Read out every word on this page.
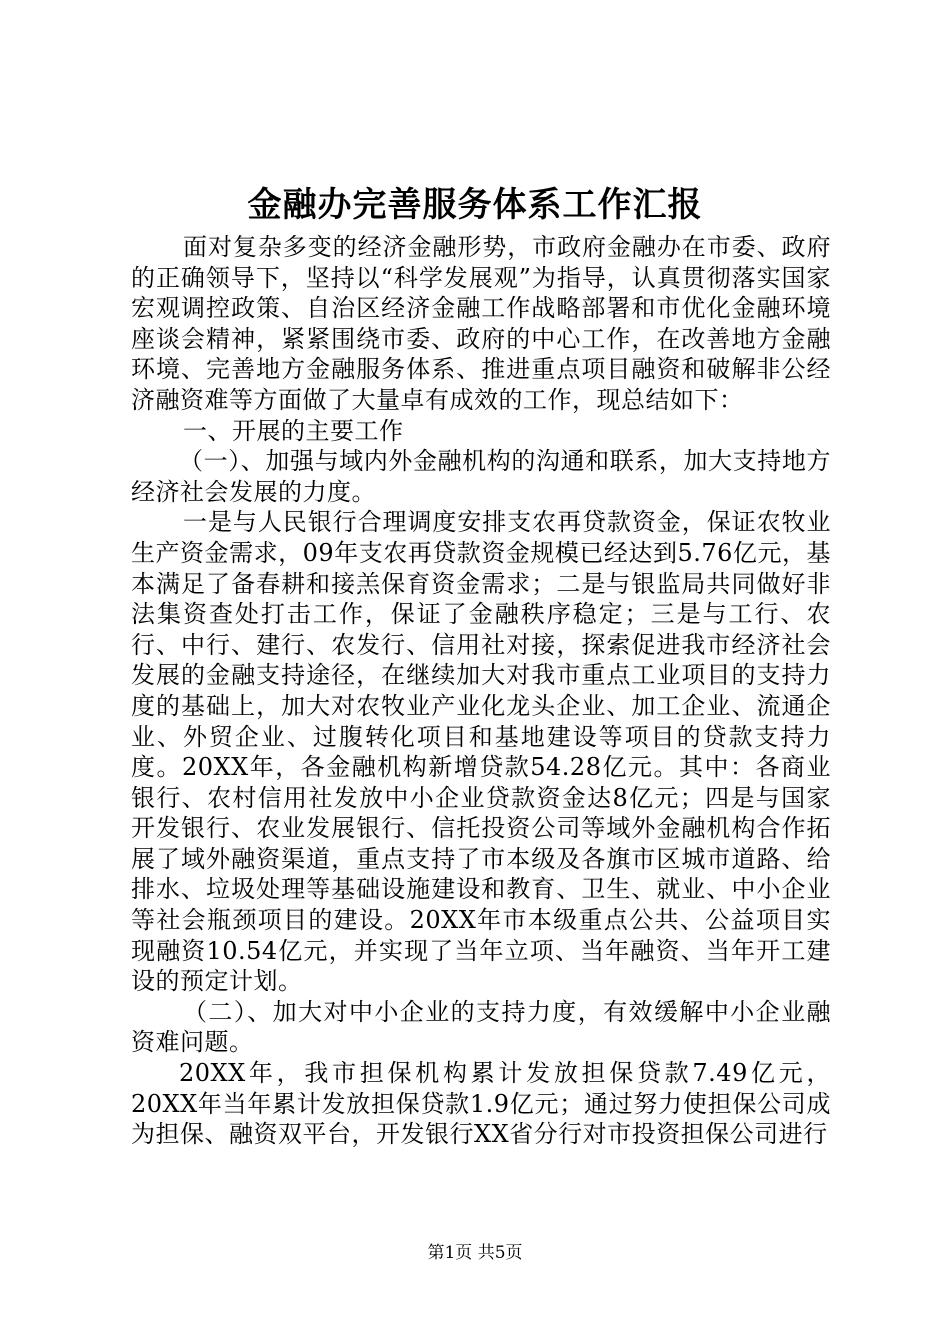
金融办完善服务体系工作汇报

面对复杂多变的经济金融形势，市政府金融办在市委、政府的正确领导下，坚持以“科学发展观”为指导，认真贯彻落实国家宏观调控政策、自治区经济金融工作战略部署和市优化金融环境座谈会精神，紧紧围绕市委、政府的中心工作，在改善地方金融环境、完善地方金融服务体系、推进重点项目融资和破解非公经济融资难等方面做了大量卓有成效的工作，现总结如下：

一、开展的主要工作

（一）、加强与域内外金融机构的沟通和联系，加大支持地方经济社会发展的力度。

一是与人民银行合理调度安排支农再贷款资金，保证农牧业生产资金需求，09年支农再贷款资金规模已经达到5.76亿元，基本满足了备春耕和接羔保育资金需求；二是与银监局共同做好非法集资查处打击工作，保证了金融秩序稳定；三是与工行、农行、中行、建行、农发行、信用社对接，探索促进我市经济社会发展的金融支持途径，在继续加大对我市重点工业项目的支持力度的基础上，加大对农牧业产业化龙头企业、加工企业、流通企业、外贸企业、过腹转化项目和基地建设等项目的贷款支持力度。20XX年，各金融机构新增贷款54.28亿元。其中：各商业银行、农村信用社发放中小企业贷款资金达8亿元；四是与国家开发银行、农业发展银行、信托投资公司等域外金融机构合作拓展了域外融资渠道，重点支持了市本级及各旗市区城市道路、给排水、垃圾处理等基础设施建设和教育、卫生、就业、中小企业等社会瓶颈项目的建设。20XX年市本级重点公共、公益项目实现融资10.54亿元，并实现了当年立项、当年融资、当年开工建设的预定计划。

（二）、加大对中小企业的支持力度，有效缓解中小企业融资难问题。

20XX年，我市担保机构累计发放担保贷款7.49亿元，20XX年当年累计发放担保贷款1.9亿元；通过努力使担保公司成为担保、融资双平台，开发银行XX省分行对市投资担保公司进行

第1页 共5页
